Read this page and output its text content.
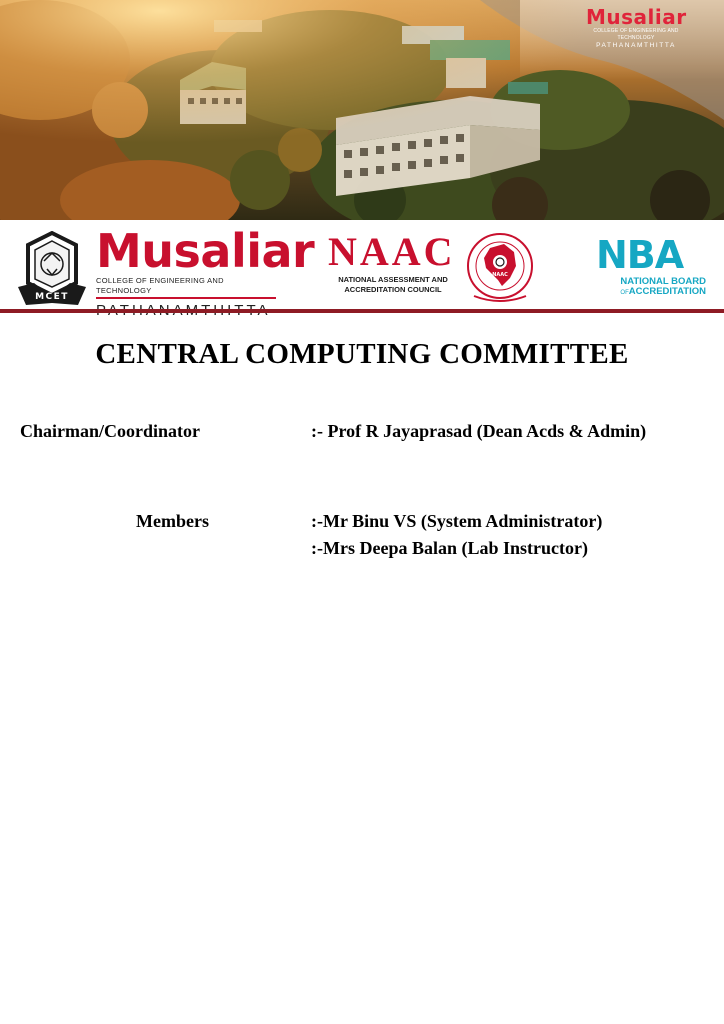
Musaliar
COLLEGE OF ENGINEERING AND TECHNOLOGY
PATHANAMTHITTA
MCET
Musaliar
COLLEGE OF ENGINEERING AND TECHNOLOGY
NAAC
NATIONAL ASSESSMENT AND
ACCREDITATION COUNCIL
NAAC NBA
NATIONAL BOARD
OFACCREDITATION
CENTRAL COMPUTING COMMITTEE
Chairman/Coordinator	:- Prof R Jayaprasad (Dean Acds & Admin)
Members	:-Mr Binu VS (System Administrator)
:-Mrs Deepa Balan (Lab Instructor)
